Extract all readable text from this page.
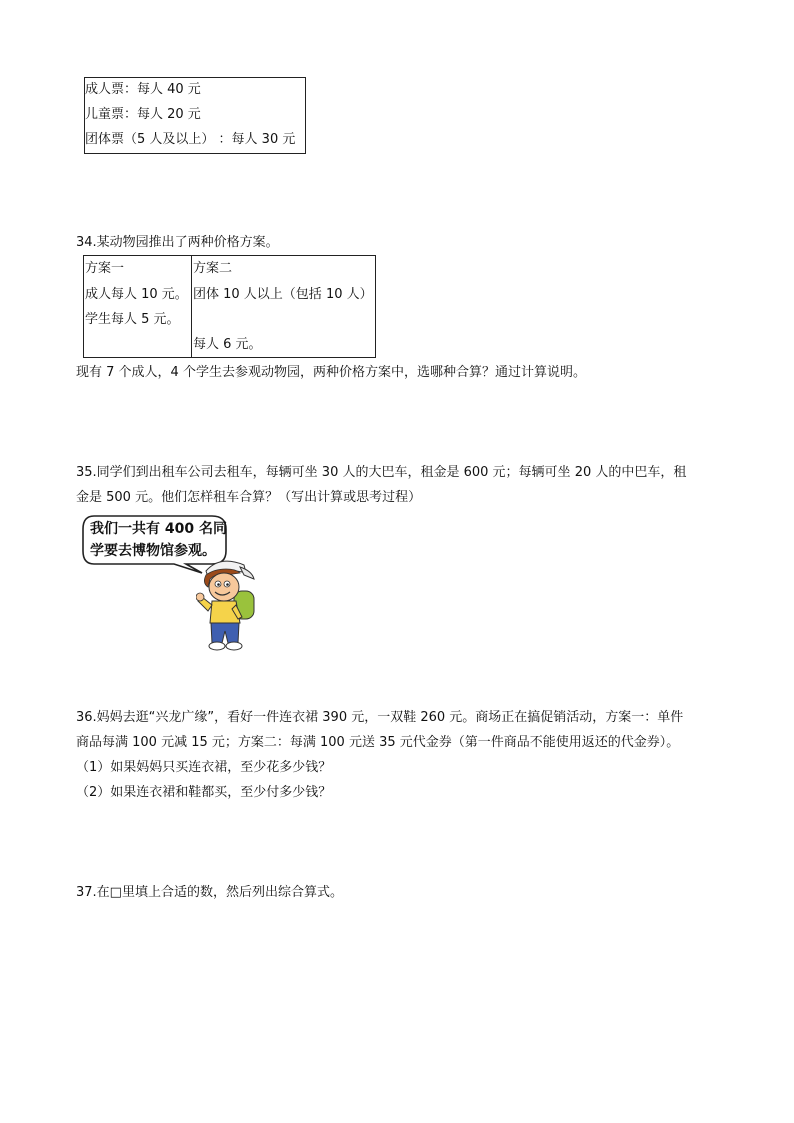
成人票：每人 40 元
儿童票：每人 20 元
团体票（5 人及以上） ：每人 30 元
34.某动物园推出了两种价格方案。
方案一
成人每人 10 元。
学生每人 5 元。
方案二
团体 10 人以上（包括 10 人）
每人 6 元。
现有 7 个成人，4 个学生去参观动物园，两种价格方案中，选哪种合算？通过计算说明。
35.同学们到出租车公司去租车，每辆可坐 30 人的大巴车，租金是 600 元；每辆可坐 20 人的中巴车，租
金是 500 元。他们怎样租车合算？（写出计算或思考过程）
我们一共有 400 名同
学要去博物馆参观。
36.妈妈去逛“兴龙广缘”，看好一件连衣裙 390 元，一双鞋 260 元。商场正在搞促销活动，方案一：单件
商品每满 100 元减 15 元；方案二：每满 100 元送 35 元代金券（第一件商品不能使用返还的代金券）。
（1）如果妈妈只买连衣裙，至少花多少钱？
（2）如果连衣裙和鞋都买，至少付多少钱？
37.在□里填上合适的数，然后列出综合算式。
